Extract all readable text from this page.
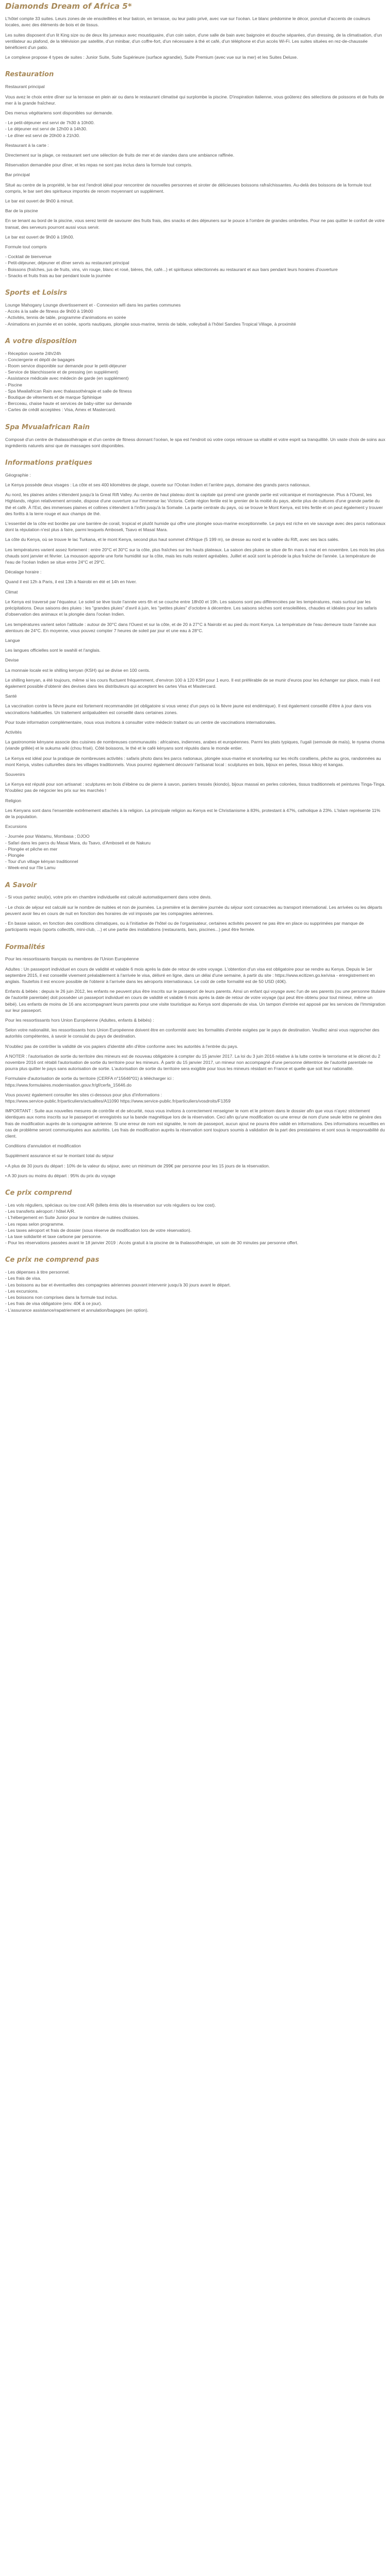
Diamonds Dream of Africa 5*

L'hôtel compte 33 suites. Leurs zones de vie ensoleillées et leur balcon, en terrasse, ou leur patio privé, avec vue sur l'océan. Le blanc prédomine le décor, ponctué d'accents de couleurs locales, avec des éléments de bois et de tissus.

Les suites disposent d'un lit King size ou de deux lits jumeaux avec moustiquaire, d'un coin salon, d'une salle de bain avec baignoire et douche séparées, d'un dressing, de la climatisation, d'un ventilateur au plafond, de la télévision par satellite, d'un minibar, d'un coffre-fort, d'un nécessaire à thé et café, d'un téléphone et d'un accès Wi-Fi. Les suites situées en rez-de-chaussée bénéficient d'un patio.

Le complexe propose 4 types de suites : Junior Suite, Suite Supérieure (surface agrandie), Suite Premium (avec vue sur la mer) et les Suites Deluxe.

Restauration

Restaurant principal

Vous avez le choix entre dîner sur la terrasse en plein air ou dans le restaurant climatisé qui surplombe la piscine. D'inspiration italienne, vous goûterez des sélections de poissons et de fruits de mer à la grande fraîcheur.

Des menus végétariens sont disponibles sur demande.

- Le petit-déjeuner est servi de 7h30 à 10h00.
- Le déjeuner est servi de 12h00 à 14h30.
- Le dîner est servi de 20h00 à 21h30.

Restaurant à la carte :

Directement sur la plage, ce restaurant sert une sélection de fruits de mer et de viandes dans une ambiance raffinée.

Réservation demandée pour dîner, et les repas ne sont pas inclus dans la formule tout compris.

Bar principal

Situé au centre de la propriété, le bar est l'endroit idéal pour rencontrer de nouvelles personnes et siroter de délicieuses boissons rafraîchissantes. Au-delà des boissons de la formule tout compris, le bar sert des spiritueux importés de renom moyennant un supplément.

Le bar est ouvert de 9h00 à minuit.

Bar de la piscine

En se tenant au bord de la piscine, vous serez tenté de savourer des fruits frais, des snacks et des déjeuners sur le pouce à l'ombre de grandes ombrelles. Pour ne pas quitter le confort de votre transat, des serveurs pourront aussi vous servir.

Le bar est ouvert de 9h00 à 19h00.

Formule tout compris

- Cocktail de bienvenue
- Petit-déjeuner, déjeuner et dîner servis au restaurant principal
- Boissons (fraîches, jus de fruits, vins, vin rouge, blanc et rosé, bières, thé, café...) et spiritueux sélectionnés au restaurant et aux bars pendant leurs horaires d'ouverture
- Snacks et fruits frais au bar pendant toute la journée

Sports et Loisirs

Lounge Mahogany Lounge divertissement et - Connexion wifi dans les parties communes
- Accès à la salle de fitness de 9h00 à 19h00
- Activités, tennis de table, programme d'animations en soirée
- Animations en journée et en soirée, sports nautiques, plongée sous-marine, tennis de table, volleyball à l'hôtel Sandies Tropical Village, à proximité

A votre disposition

- Réception ouverte 24h/24h
- Conciergerie et dépôt de bagages
- Room service disponible sur demande pour le petit-déjeuner
- Service de blanchisserie et de pressing (en supplément)
- Assistance médicale avec médecin de garde (en supplément)
- Piscine
- Spa Mwaliafrican Rain avec thalassothérapie et salle de fitness
- Boutique de vêtements et de marque Sphinique
- Bercceau, chaise haute et services de baby-sitter sur demande
- Cartes de crédit acceptées : Visa, Amex et Mastercard.

Spa Mvualafrican Rain

Composé d'un centre de thalassothérapie et d'un centre de fitness donnant l'océan, le spa est l'endroit où votre corps retrouve sa vitalité et votre esprit sa tranquillité. Un vaste choix de soins aux ingrédients naturels ainsi que de massages sont disponibles.

Informations pratiques

Géographie :

Le Kenya possède deux visages : La côte et ses 400 kilomètres de plage, ouverte sur l'Océan Indien et l'arrière pays, domaine des grands parcs nationaux.

Au nord, les plaines arides s'étendent jusqu'à la Great Rift Valley. Au centre de haut plateau dont la capitale qui prend une grande partie est volcanique et montagneuse. Plus à l'Ouest, les Highlands, région relativement arrosée, dispose d'une ouverture sur l'immense lac Victoria. Cette région fertile est le grenier de la moitié du pays, abrite plus de cultures d'une grande partie du thé et café. À l'Est, des immenses plaines et collines s'étendent à l'infini jusqu'à la Somalie. La partie centrale du pays, où se trouve le Mont Kenya, est très fertile et on peut également y trouver des forêts à la terre rouge et aux champs de thé.

L'essentiel de la côte est bordée par une barrière de corail, tropical et plutôt humide qui offre une plongée sous-marine exceptionnelle. Le pays est riche en vie sauvage avec des parcs nationaux dont la réputation n'est plus à faire, parmi lesquels Amboseli, Tsavo et Masaï Mara.

La côte du Kenya, où se trouve le lac Turkana, et le mont Kenya, second plus haut sommet d'Afrique (5 199 m), se dresse au nord et la vallée du Rift, avec ses lacs salés.

Les températures varient assez fortement : entre 20°C et 30°C sur la côte, plus fraîches sur les hauts plateaux. La saison des pluies se situe de fin mars à mai et en novembre. Les mois les plus chauds sont janvier et février. La mousson apporte une forte humidité sur la côte, mais les nuits restent agréables. Juillet et août sont la période la plus fraîche de l'année. La température de l'eau de l'océan Indien se situe entre 24°C et 29°C.

Décalage horaire :

Quand il est 12h à Paris, il est 13h à Nairobi en été et 14h en hiver.

Climat

Le Kenya est traversé par l'équateur. Le soleil se lève toute l'année vers 6h et se couche entre 18h00 et 19h. Les saisons sont peu différenciées par les températures, mais surtout par les précipitations. Deux saisons des pluies : les "grandes pluies" d'avril à juin, les "petites pluies" d'octobre à décembre. Les saisons sèches sont ensoleillées, chaudes et idéales pour les safaris d'observation des animaux et la plongée dans l'océan Indien.

Les températures varient selon l'altitude : autour de 30°C dans l'Ouest et sur la côte, et de 20 à 27°C à Nairobi et au pied du mont Kenya. La température de l'eau demeure toute l'année aux alentours de 24°C. En moyenne, vous pouvez compter 7 heures de soleil par jour et une eau à 28°C.

Langue

Les langues officielles sont le swahili et l'anglais.

Devise

La monnaie locale est le shilling kenyan (KSH) qui se divise en 100 cents.

Le shilling kenyan, a été toujours, même si les cours fluctuent fréquemment, d'environ 100 à 120 KSH pour 1 euro. Il est préférable de se munir d'euros pour les échanger sur place, mais il est également possible d'obtenir des devises dans les distributeurs qui acceptent les cartes Visa et Mastercard.

Santé

La vaccination contre la fièvre jaune est fortement recommandée (et obligatoire si vous venez d'un pays où la fièvre jaune est endémique). Il est également conseillé d'être à jour dans vos vaccinations habituelles. Un traitement antipaludéen est conseillé dans certaines zones.

Pour toute information complémentaire, nous vous invitons à consulter votre médecin traitant ou un centre de vaccinations internationales.

Activités

La gastronomie kényane associe des cuisines de nombreuses communautés : africaines, indiennes, arabes et européennes. Parmi les plats typiques, l'ugali (semoule de maïs), le nyama choma (viande grillée) et le sukuma wiki (chou frisé). Côté boissons, le thé et le café kényans sont réputés dans le monde entier.

Le Kenya est idéal pour la pratique de nombreuses activités : safaris photo dans les parcs nationaux, plongée sous-marine et snorkeling sur les récifs coralliens, pêche au gros, randonnées au mont Kenya, visites culturelles dans les villages traditionnels. Vous pourrez également découvrir l'artisanat local : sculptures en bois, bijoux en perles, tissus kikoy et kangas.

Souvenirs

Le Kenya est réputé pour son artisanat : sculptures en bois d'ébène ou de pierre à savon, paniers tressés (kiondo), bijoux massaï en perles colorées, tissus traditionnels et peintures Tinga-Tinga. N'oubliez pas de négocier les prix sur les marchés !

Religion

Les Kenyans sont dans l'ensemble extrêmement attachés à la religion. La principale religion au Kenya est le Christianisme à 83%, protestant à 47%, catholique à 23%. L'Islam représente 11% de la population.

Excursions

- Journée pour Watamu, Mombasa ; DJOO
- Safari dans les parcs du Masai Mara, du Tsavo, d'Amboseli et de Nakuru
- Plongée et pêche en mer
- Plongée
- Tour d'un village kényan traditionnel
- Week-end sur l'île Lamu

A Savoir

- Si vous partez seul(e), votre prix en chambre individuelle est calculé automatiquement dans votre devis.

- Le choix de séjour est calculé sur le nombre de nuitées et non de journées. La première et la dernière journée du séjour sont consacrées au transport international. Les arrivées ou les départs peuvent avoir lieu en cours de nuit en fonction des horaires de vol imposés par les compagnies aériennes.

- En basse saison, en fonction des conditions climatiques, ou à l'initiative de l'hôtel ou de l'organisateur, certaines activités peuvent ne pas être en place ou supprimées par manque de participants requis (sports collectifs, mini-club, ...) et une partie des installations (restaurants, bars, piscines...) peut être fermée.

Formalités

Pour les ressortissants français ou membres de l'Union Européenne

Adultes : Un passeport individuel en cours de validité et valable 6 mois après la date de retour de votre voyage. L'obtention d'un visa est obligatoire pour se rendre au Kenya. Depuis le 1er septembre 2015, il est conseillé vivement préalablement à l'arrivée le visa, délivré en ligne, dans un délai d'une semaine, à partir du site : https://www.ecitizen.go.ke/visa - enregistrement en anglais. Toutefois il est encore possible de l'obtenir à l'arrivée dans les aéroports internationaux. Le coût de cette formalité est de 50 USD (40€).

Enfants & bébés : depuis le 26 juin 2012, les enfants ne peuvent plus être inscrits sur le passeport de leurs parents. Ainsi un enfant qui voyage avec l'un de ses parents (ou une personne titulaire de l'autorité parentale) doit posséder un passeport individuel en cours de validité et valable 6 mois après la date de retour de votre voyage (qui peut être obtenu pour tout mineur, même un bébé). Les enfants de moins de 16 ans accompagnant leurs parents pour une visite touristique au Kenya sont dispensés de visa. Un tampon d'entrée est apposé par les services de l'Immigration sur leur passeport.

Pour les ressortissants hors Union Européenne (Adultes, enfants & bébés) :

Selon votre nationalité, les ressortissants hors Union Européenne doivent être en conformité avec les formalités d'entrée exigées par le pays de destination. Veuillez ainsi vous rapprocher des autorités compétentes, à savoir le consulat du pays de destination.

N'oubliez pas de contrôler la validité de vos papiers d'identité afin d'être conforme avec les autorités à l'entrée du pays.

A NOTER : l'autorisation de sortie du territoire des mineurs est de nouveau obligatoire à compter du 15 janvier 2017. La loi du 3 juin 2016 relative à la lutte contre le terrorisme et le décret du 2 novembre 2016 ont rétabli l'autorisation de sortie du territoire pour les mineurs. À partir du 15 janvier 2017, un mineur non accompagné d'une personne détentrice de l'autorité parentale ne pourra plus quitter le pays sans autorisation de sortie. L'autorisation de sortie du territoire sera exigible pour tous les mineurs résidant en France et quelle que soit leur nationalité.

Formulaire d'autorisation de sortie du territoire (CERFA n°15646*01) à télécharger ici :
https://www.formulaires.modernisation.gouv.fr/gf/cerfa_15646.do

Vous pouvez également consulter les sites ci-dessous pour plus d'informations :
https://www.service-public.fr/particuliers/actualites/A11090 https://www.service-public.fr/particuliers/vosdroits/F1359

IMPORTANT : Suite aux nouvelles mesures de contrôle et de sécurité, nous vous invitons à correctement renseigner le nom et le prénom dans le dossier afin que vous n'ayez strictement identiques aux noms inscrits sur le passeport et enregistrés sur la bande magnétique lors de la réservation. Ceci afin qu'une modification ou une erreur de nom d'une seule lettre ne génère des frais de modification auprès de la compagnie aérienne. Si une erreur de nom est signalée, le nom de passeport, aucun ajout ne pourra être validé en informations. Des informations recueillies en cas de problème seront communiquées aux autorités. Les frais de modification auprès la réservation sont toujours soumis à validation de la part des prestataires et sont sous la responsabilité du client.

Conditions d'annulation et modification

Supplément assurance et sur le montant total du séjour

• A plus de 30 jours du départ : 10% de la valeur du séjour, avec un minimum de 299€ par personne pour les 15 jours de la réservation.

• A 30 jours ou moins du départ : 95% du prix du voyage

Ce prix comprend

- Les vols réguliers, spéciaux ou low cost A/R (billets émis dès la réservation sur vols réguliers ou low cost).
- Les transferts aéroport / hôtel A/R.
- L'hébergement en Suite Junior pour le nombre de nuitées choisies.
- Les repas selon programme.
- Les taxes aéroport et frais de dossier (sous réserve de modification lors de votre réservation).
- La taxe solidarité et taxe carbone par personne.
- Pour les réservations passées avant le 18 janvier 2019 : Accès gratuit à la piscine de la thalassothérapie, un soin de 30 minutes par personne offert.

Ce prix ne comprend pas

- Les dépenses à titre personnel.
- Les frais de visa.
- Les boissons au bar et éventuelles des compagnies aériennes pouvant intervenir jusqu'à 30 jours avant le départ.
- Les excursions.
- Les boissons non comprises dans la formule tout inclus.
- Les frais de visa obligatoire (env. 40€ à ce jour).
- L'assurance assistance/rapatriement et annulation/bagages (en option).
